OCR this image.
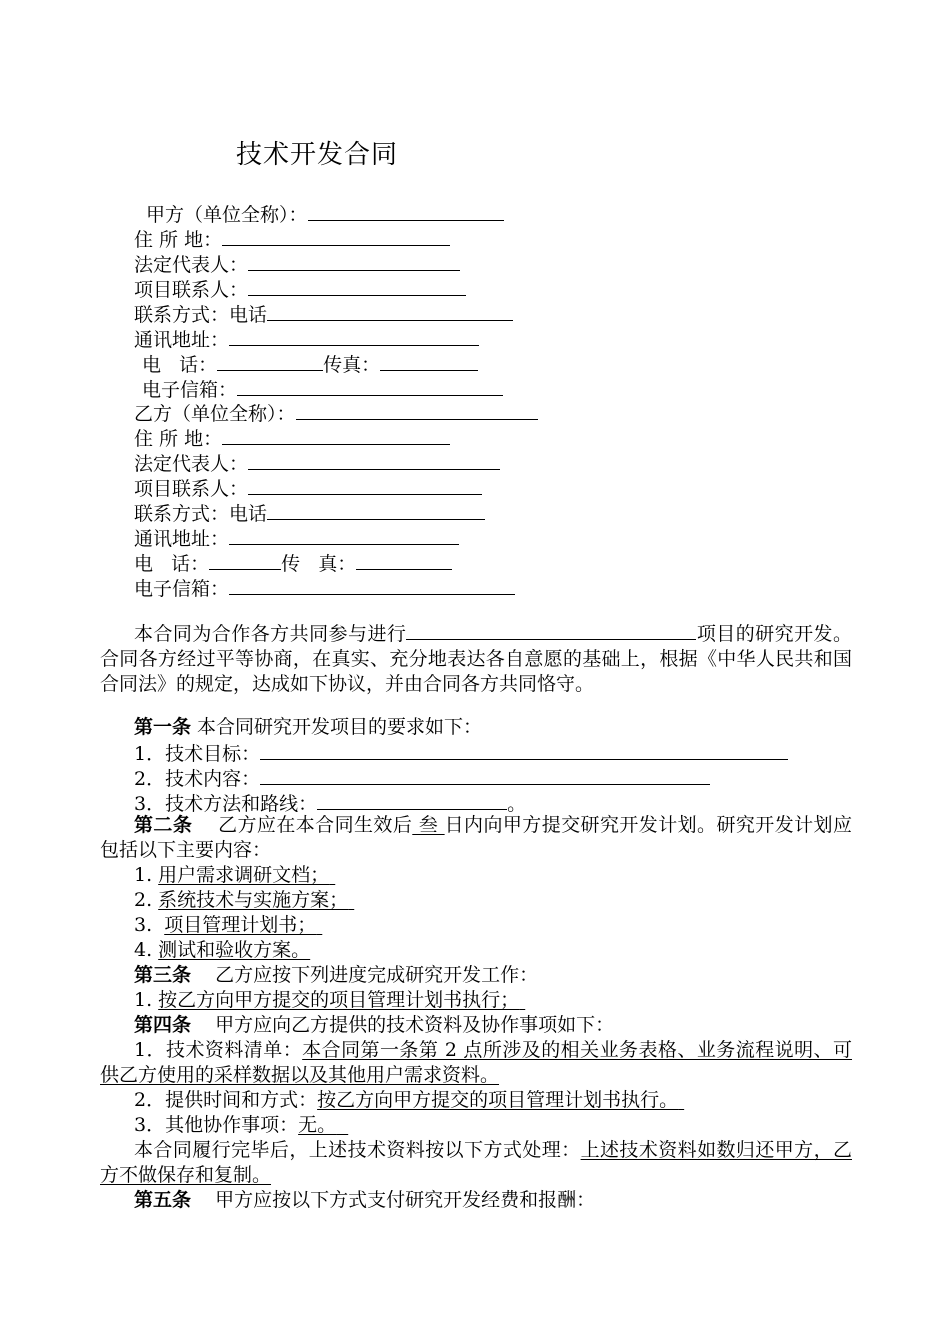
技术开发合同
甲方（单位全称）：
住 所 地：
法定代表人：
项目联系人：
联系方式：电话
通讯地址：
电   话：	传真：
电子信箱：
乙方（单位全称）：
住 所 地：
法定代表人：
项目联系人：
联系方式：电话
通讯地址：
电   话：	传   真：
电子信箱：
本合同为合作各方共同参与进行	项目的研究开发。合同各方经过平等协商，在真实、充分地表达各自意愿的基础上，根据《中华人民共和国合同法》的规定，达成如下协议，并由合同各方共同恪守。
第一条 本合同研究开发项目的要求如下：
1．技术目标：
2．技术内容：
3．技术方法和路线：	。
第二条    乙方应在本合同生效后 叁 日内向甲方提交研究开发计划。研究开发计划应包括以下主要内容：
1. 用户需求调研文档；
2. 系统技术与实施方案；
3.  项目管理计划书；
4. 测试和验收方案。
第三条    乙方应按下列进度完成研究开发工作：
1. 按乙方向甲方提交的项目管理计划书执行；
第四条    甲方应向乙方提供的技术资料及协作事项如下：
1．技术资料清单：本合同第一条第 2 点所涉及的相关业务表格、业务流程说明、可供乙方使用的采样数据以及其他用户需求资料。
2．提供时间和方式：按乙方向甲方提交的项目管理计划书执行。
3．其他协作事项：无。
本合同履行完毕后，上述技术资料按以下方式处理：上述技术资料如数归还甲方，乙方不做保存和复制。
第五条    甲方应按以下方式支付研究开发经费和报酬：
